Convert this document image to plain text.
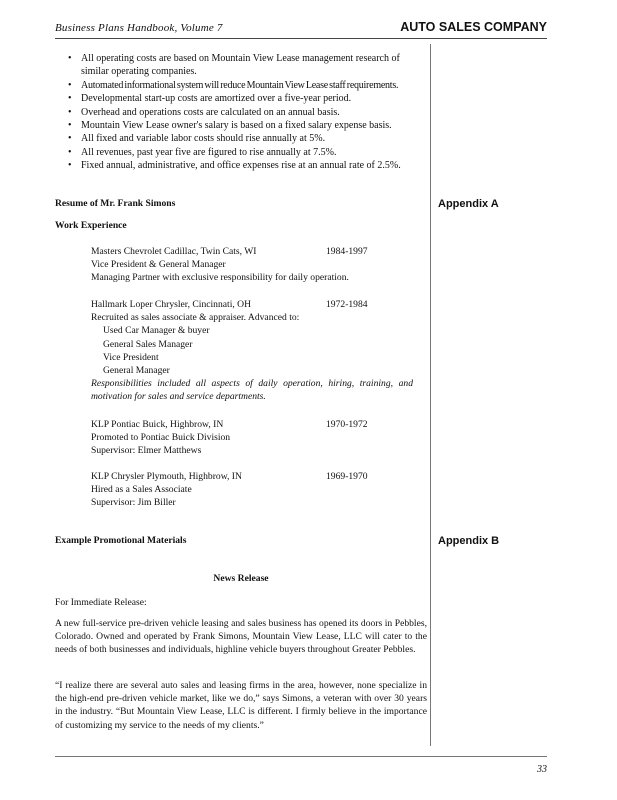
Business Plans Handbook, Volume 7	AUTO SALES COMPANY
• All operating costs are based on Mountain View Lease management research of similar operating companies.
• Automated informational system will reduce Mountain View Lease staff requirements.
• Developmental start-up costs are amortized over a five-year period.
• Overhead and operations costs are calculated on an annual basis.
• Mountain View Lease owner's salary is based on a fixed salary expense basis.
• All fixed and variable labor costs should rise annually at 5%.
• All revenues, past year five are figured to rise annually at 7.5%.
• Fixed annual, administrative, and office expenses rise at an annual rate of 2.5%.
Resume of Mr. Frank Simons	Appendix A
Work Experience
Masters Chevrolet Cadillac, Twin Cats, WI	1984-1997
Vice President & General Manager
Managing Partner with exclusive responsibility for daily operation.
Hallmark Loper Chrysler, Cincinnati, OH	1972-1984
Recruited as sales associate & appraiser. Advanced to:
Used Car Manager & buyer
General Sales Manager
Vice President
General Manager
Responsibilities included all aspects of daily operation, hiring, training, and motivation for sales and service departments.
KLP Pontiac Buick, Highbrow, IN	1970-1972
Promoted to Pontiac Buick Division
Supervisor: Elmer Matthews
KLP Chrysler Plymouth, Highbrow, IN	1969-1970
Hired as a Sales Associate
Supervisor: Jim Biller
Example Promotional Materials	Appendix B
News Release
For Immediate Release:
A new full-service pre-driven vehicle leasing and sales business has opened its doors in Pebbles, Colorado. Owned and operated by Frank Simons, Mountain View Lease, LLC will cater to the needs of both businesses and individuals, highline vehicle buyers throughout Greater Pebbles.
“I realize there are several auto sales and leasing firms in the area, however, none specialize in the high-end pre-driven vehicle market, like we do,” says Simons, a veteran with over 30 years in the industry. “But Mountain View Lease, LLC is different. I firmly believe in the importance of customizing my service to the needs of my clients.”
33
